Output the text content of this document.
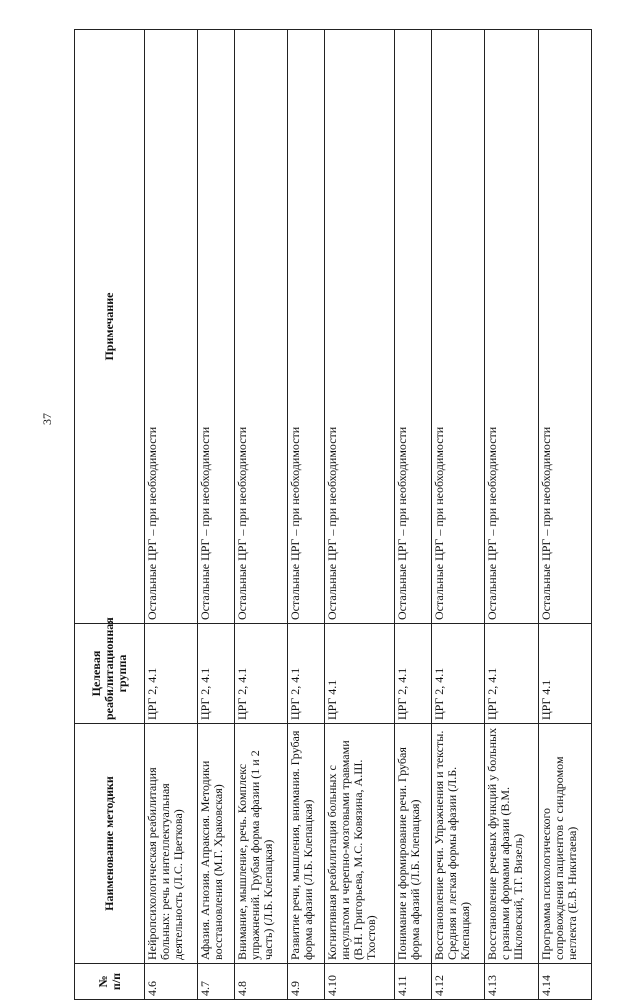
37
№
п/п	Наименование методики	Целевая реабилитационная группа	Примечание
4.6	Нейропсихологическая реабилитация больных: речь и интеллектуальная деятельность (Л.С. Цветкова)	ЦРГ 2, 4.1	Остальные ЦРГ – при необходимости
4.7	Афазия. Агнозия. Апраксия. Методики восстановления (М.Г. Храковская)	ЦРГ 2, 4.1	Остальные ЦРГ – при необходимости
4.8	Внимание, мышление, речь. Комплекс упражнений. Грубая форма афазии (1 и 2 часть) (Л.Б. Клепацкая)	ЦРГ 2, 4.1	Остальные ЦРГ – при необходимости
4.9	Развитие речи, мышления, внимания. Грубая форма афазии (Л.Б. Клепацкая)	ЦРГ 2, 4.1	Остальные ЦРГ – при необходимости
4.10	Когнитивная реабилитация больных с инсультом и черепно-мозговыми травмами (В.Н. Григорьева, М.С. Ковязина, А.Ш. Тхостов)	ЦРГ 4.1	Остальные ЦРГ – при необходимости
4.11	Понимание и формирование речи. Грубая форма афазий (Л.Б. Клепацкая)	ЦРГ 2, 4.1	Остальные ЦРГ – при необходимости
4.12	Восстановление речи. Упражнения и тексты. Средняя и легкая формы афазии (Л.Б. Клепацкая)	ЦРГ 2, 4.1	Остальные ЦРГ – при необходимости
4.13	Восстановление речевых функций у больных с разными формами афазии (В.М. Шкловский, Т.Г. Визель)	ЦРГ 2, 4.1	Остальные ЦРГ – при необходимости
4.14	Программа психологического сопровождения пациентов с синдромом неглекта (Е.В. Никитаева)	ЦРГ 4.1	Остальные ЦРГ – при необходимости
